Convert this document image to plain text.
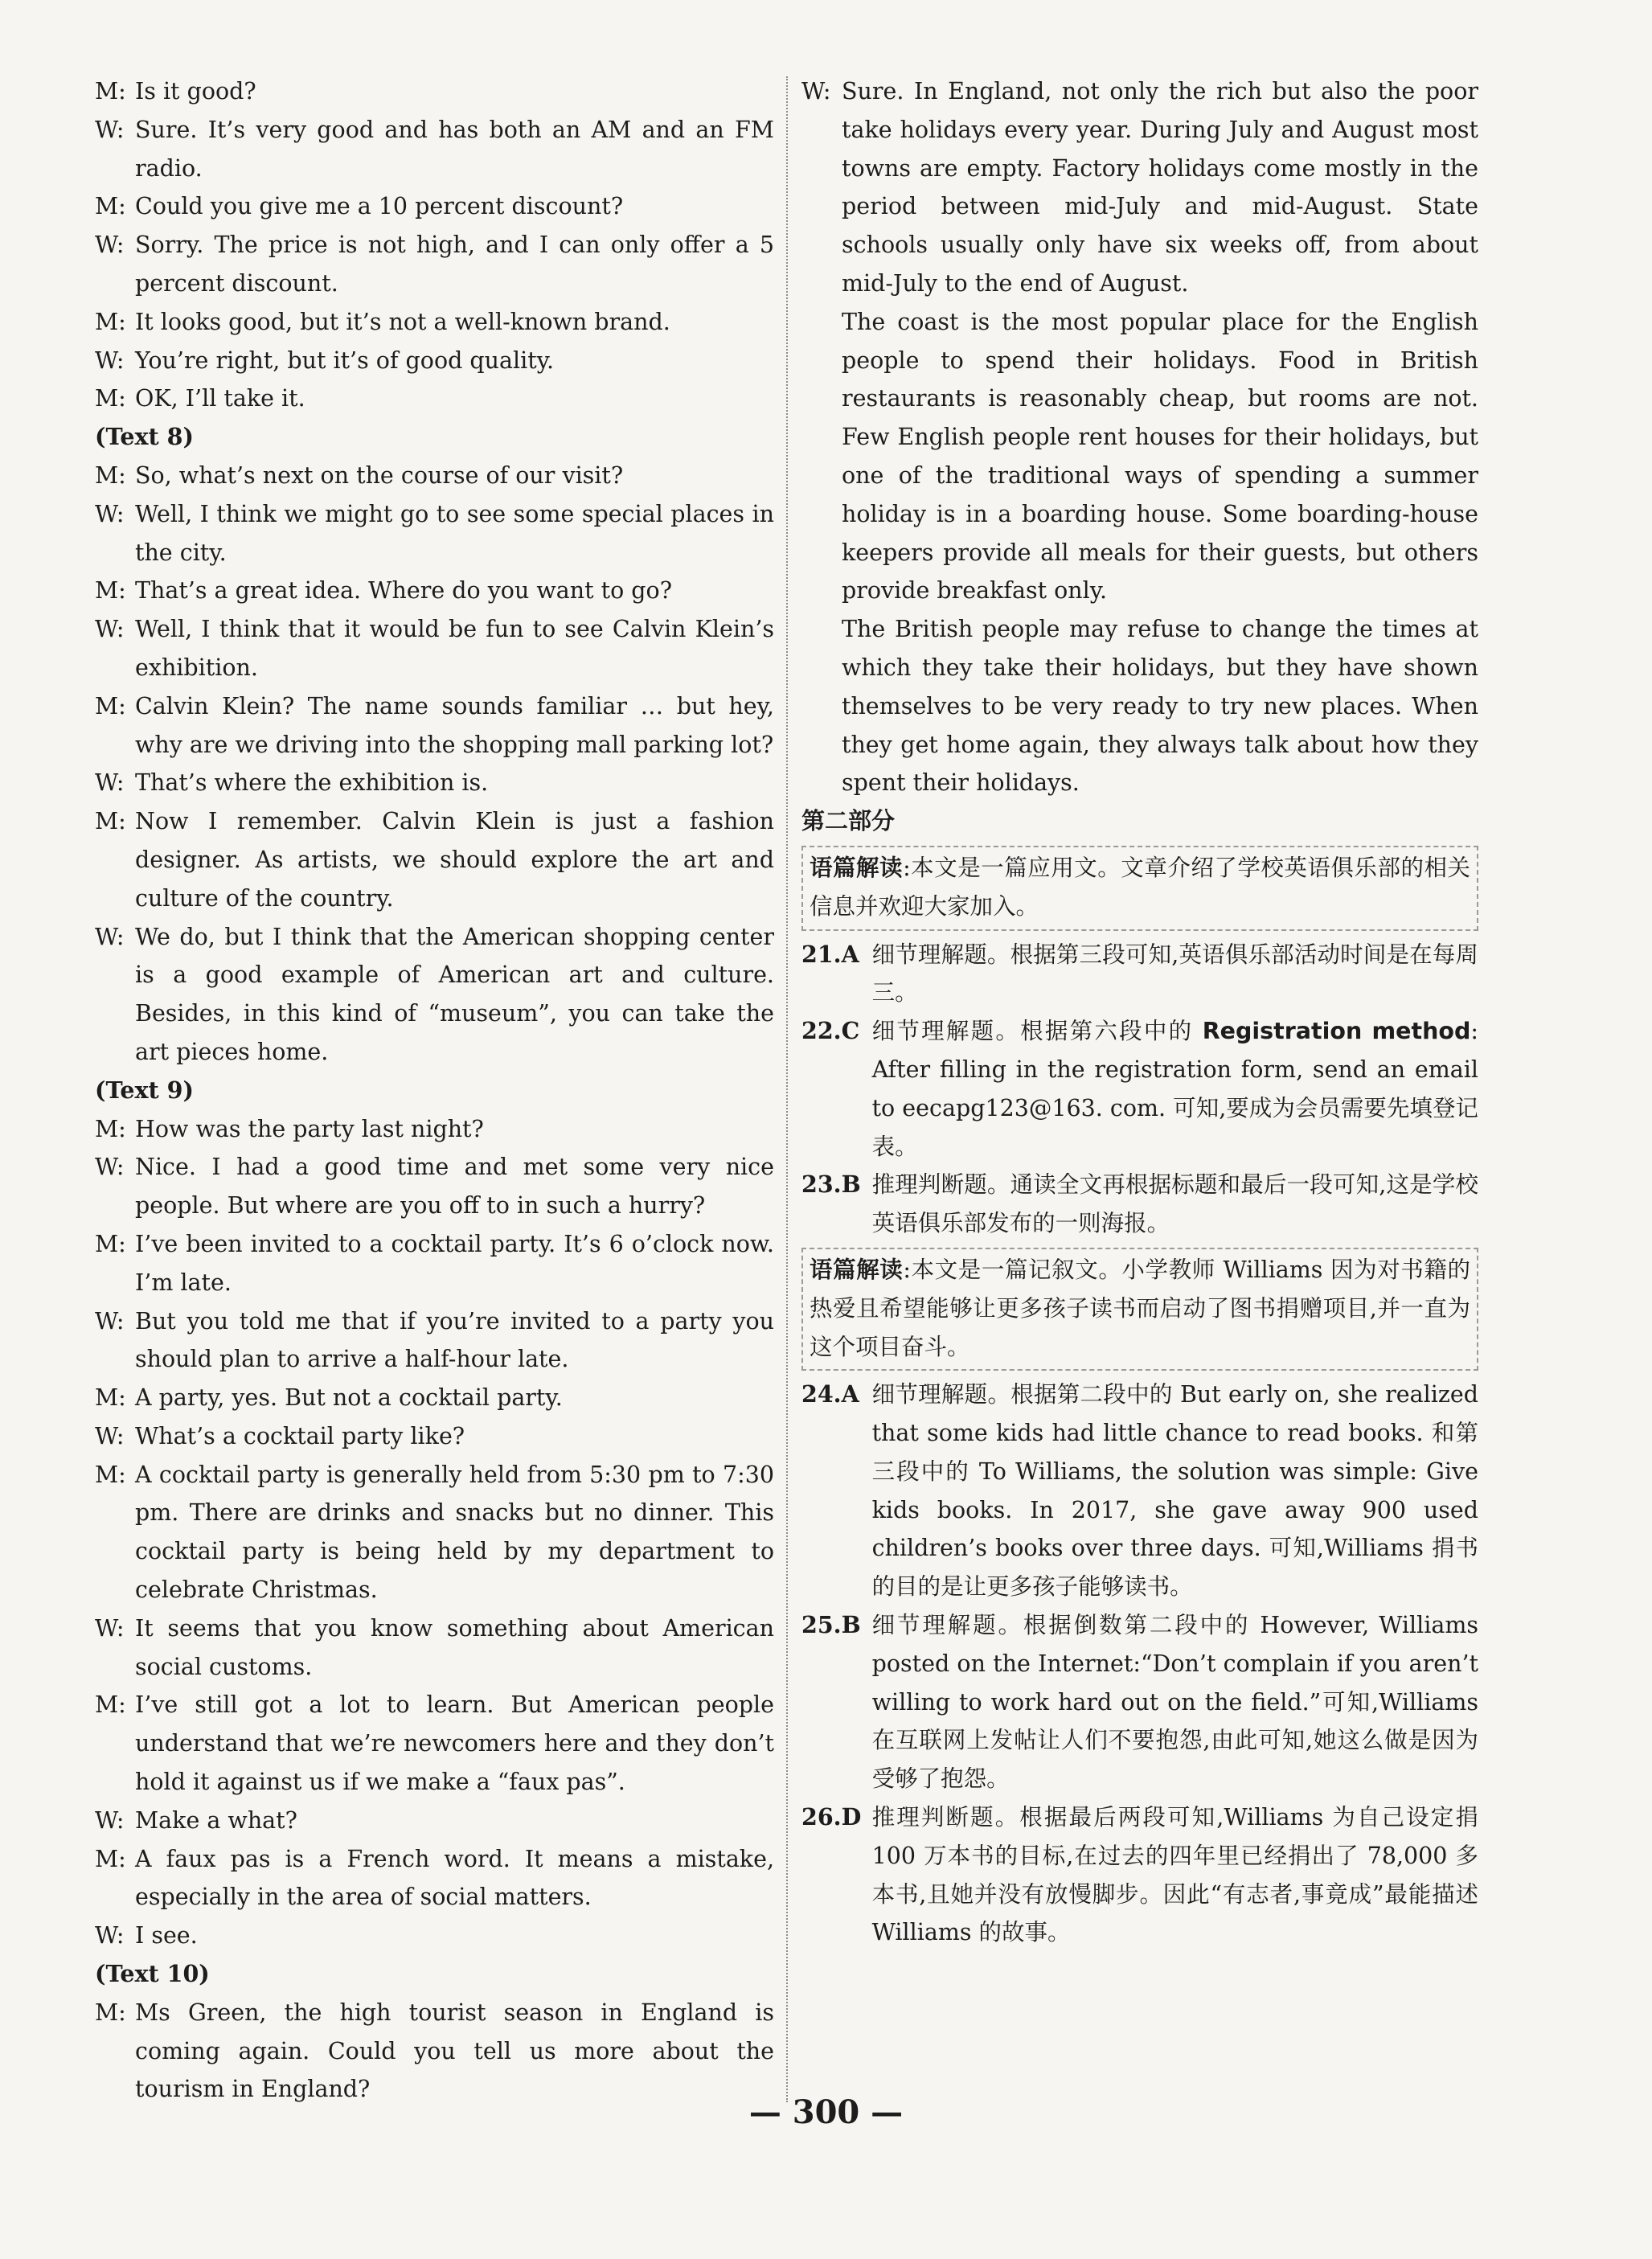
M: Is it good?
W: Sure. It’s very good and has both an AM and an FM radio.
M: Could you give me a 10 percent discount?
W: Sorry. The price is not high, and I can only offer a 5 percent discount.
M: It looks good, but it’s not a well-known brand.
W: You’re right, but it’s of good quality.
M: OK, I’ll take it.
(Text 8)
M: So, what’s next on the course of our visit?
W: Well, I think we might go to see some special places in the city.
M: That’s a great idea. Where do you want to go?
W: Well, I think that it would be fun to see Calvin Klein’s exhibition.
M: Calvin Klein? The name sounds familiar … but hey, why are we driving into the shopping mall parking lot?
W: That’s where the exhibition is.
M: Now I remember. Calvin Klein is just a fashion designer. As artists, we should explore the art and culture of the country.
W: We do, but I think that the American shopping center is a good example of American art and culture. Besides, in this kind of “museum”, you can take the art pieces home.
(Text 9)
M: How was the party last night?
W: Nice. I had a good time and met some very nice people. But where are you off to in such a hurry?
M: I’ve been invited to a cocktail party. It’s 6 o’clock now. I’m late.
W: But you told me that if you’re invited to a party you should plan to arrive a half-hour late.
M: A party, yes. But not a cocktail party.
W: What’s a cocktail party like?
M: A cocktail party is generally held from 5:30 pm to 7:30 pm. There are drinks and snacks but no dinner. This cocktail party is being held by my department to celebrate Christmas.
W: It seems that you know something about American social customs.
M: I’ve still got a lot to learn. But American people understand that we’re newcomers here and they don’t hold it against us if we make a “faux pas”.
W: Make a what?
M: A faux pas is a French word. It means a mistake, especially in the area of social matters.
W: I see.
(Text 10)
M: Ms Green, the high tourist season in England is coming again. Could you tell us more about the tourism in England?
W: Sure. In England, not only the rich but also the poor take holidays every year. During July and August most towns are empty. Factory holidays come mostly in the period between mid-July and mid-August. State schools usually only have six weeks off, from about mid-July to the end of August.
The coast is the most popular place for the English people to spend their holidays. Food in British restaurants is reasonably cheap, but rooms are not. Few English people rent houses for their holidays, but one of the traditional ways of spending a summer holiday is in a boarding house. Some boarding-house keepers provide all meals for their guests, but others provide breakfast only.
The British people may refuse to change the times at which they take their holidays, but they have shown themselves to be very ready to try new places. When they get home again, they always talk about how they spent their holidays.
第二部分
语篇解读:本文是一篇应用文。文章介绍了学校英语俱乐部的相关信息并欢迎大家加入。
21. A 细节理解题。根据第三段可知,英语俱乐部活动时间是在每周三。
22. C 细节理解题。根据第六段中的 Registration method: After filling in the registration form, send an email to eecapg123@163. com. 可知,要成为会员需要先填登记表。
23. B 推理判断题。通读全文再根据标题和最后一段可知,这是学校英语俱乐部发布的一则海报。
语篇解读:本文是一篇记叙文。小学教师 Williams 因为对书籍的热爱且希望能够让更多孩子读书而启动了图书捐赠项目,并一直为这个项目奋斗。
24. A 细节理解题。根据第二段中的 But early on, she realized that some kids had little chance to read books. 和第三段中的 To Williams, the solution was simple: Give kids books. In 2017, she gave away 900 used children’s books over three days. 可知,Williams 捐书的目的是让更多孩子能够读书。
25. B 细节理解题。根据倒数第二段中的 However, Williams posted on the Internet:“Don’t complain if you aren’t willing to work hard out on the field.”可知,Williams 在互联网上发帖让人们不要抱怨,由此可知,她这么做是因为受够了抱怨。
26. D 推理判断题。根据最后两段可知,Williams 为自己设定捐 100 万本书的目标,在过去的四年里已经捐出了 78,000 多本书,且她并没有放慢脚步。因此“有志者,事竟成”最能描述 Williams 的故事。
— 300 —
